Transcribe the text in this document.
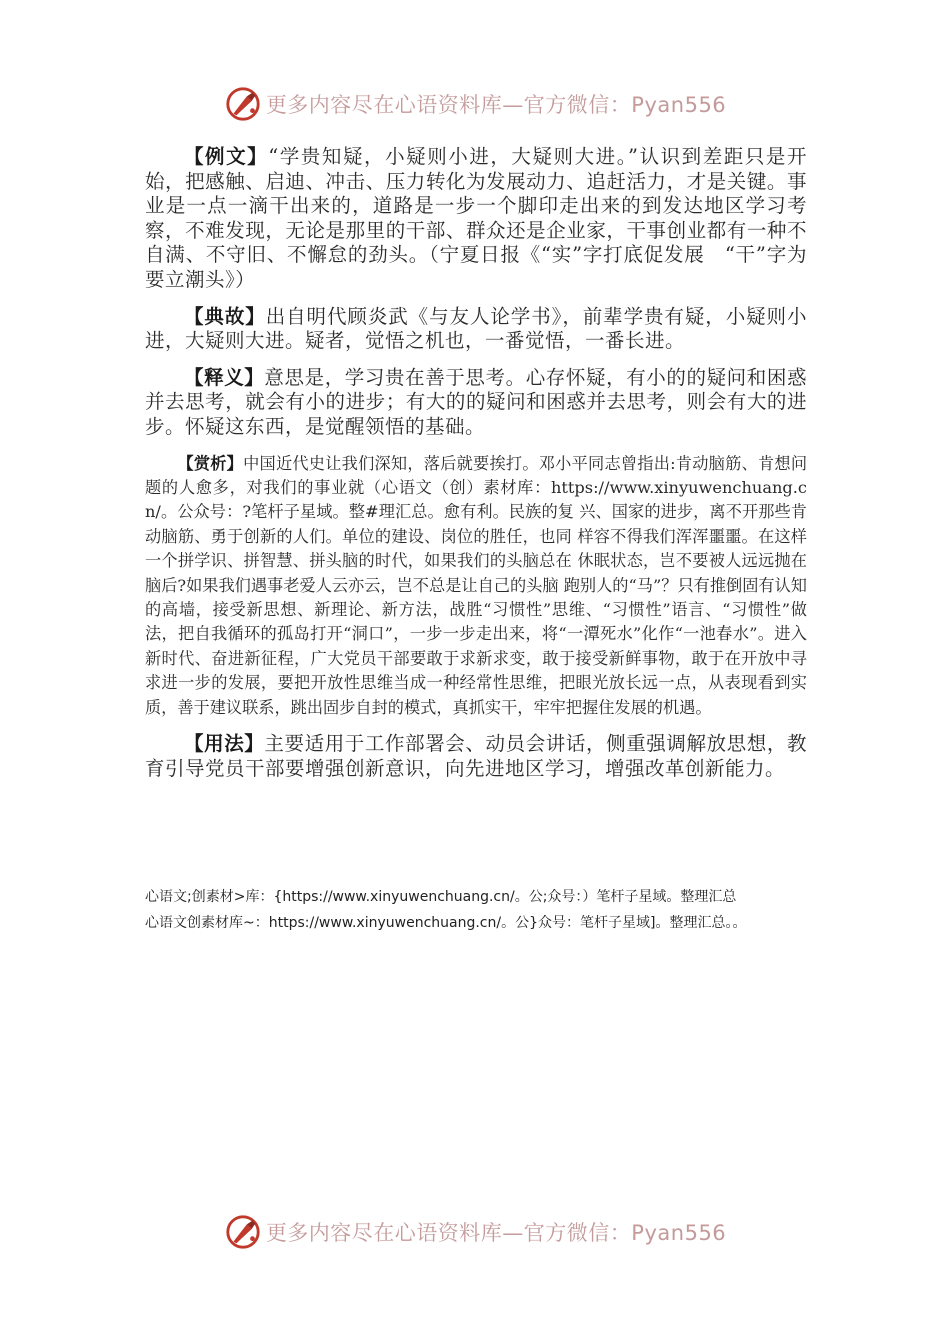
更多内容尽在心语资料库—官方微信：Pyan556

【例文】“学贵知疑，小疑则小进，大疑则大进。”认识到差距只是开始，把感触、启迪、冲击、压力转化为发展动力、追赶活力，才是关键。事业是一点一滴干出来的，道路是一步一个脚印走出来的到发达地区学习考察，不难发现，无论是那里的干部、群众还是企业家，干事创业都有一种不自满、不守旧、不懈怠的劲头。（宁夏日报《“实”字打底促发展　“干”字为要立潮头》）

【典故】出自明代顾炎武《与友人论学书》，前辈学贵有疑，小疑则小进，大疑则大进。疑者，觉悟之机也，一番觉悟，一番长进。

【释义】意思是，学习贵在善于思考。心存怀疑，有小的的疑问和困惑并去思考，就会有小的进步；有大的的疑问和困惑并去思考，则会有大的进步。怀疑这东西，是觉醒领悟的基础。

【赏析】中国近代史让我们深知，落后就要挨打。邓小平同志曾指出:肯动脑筋、肯想问题的人愈多，对我们的事业就（心语文（创）素材库：https://www.xinyuwenchuang.cn/。公众号：?笔杆子星域。整#理汇总。愈有利。民族的复 兴、国家的进步，离不开那些肯动脑筋、勇于创新的人们。单位的建设、岗位的胜任，也同 样容不得我们浑浑噩噩。在这样一个拼学识、拼智慧、拼头脑的时代，如果我们的头脑总在 休眠状态，岂不要被人远远抛在脑后?如果我们遇事老爱人云亦云，岂不总是让自己的头脑 跑别人的“马”？只有推倒固有认知的高墙，接受新思想、新理论、新方法，战胜“习惯性”思维、“习惯性”语言、“习惯性”做法，把自我循环的孤岛打开“洞口”，一步一步走出来，将“一潭死水”化作“一池春水”。进入新时代、奋进新征程，广大党员干部要敢于求新求变，敢于接受新鲜事物，敢于在开放中寻求进一步的发展，要把开放性思维当成一种经常性思维，把眼光放长远一点，从表现看到实质，善于建议联系，跳出固步自封的模式，真抓实干，牢牢把握住发展的机遇。

【用法】主要适用于工作部署会、动员会讲话，侧重强调解放思想，教育引导党员干部要增强创新意识，向先进地区学习，增强改革创新能力。

心语文;创素材>库：{https://www.xinyuwenchuang.cn/。公;众号：）笔杆子星域。整理汇总
心语文创素材库~：https://www.xinyuwenchuang.cn/。公}众号：笔杆子星域]。整理汇总。。
更多内容尽在心语资料库—官方微信：Pyan556
